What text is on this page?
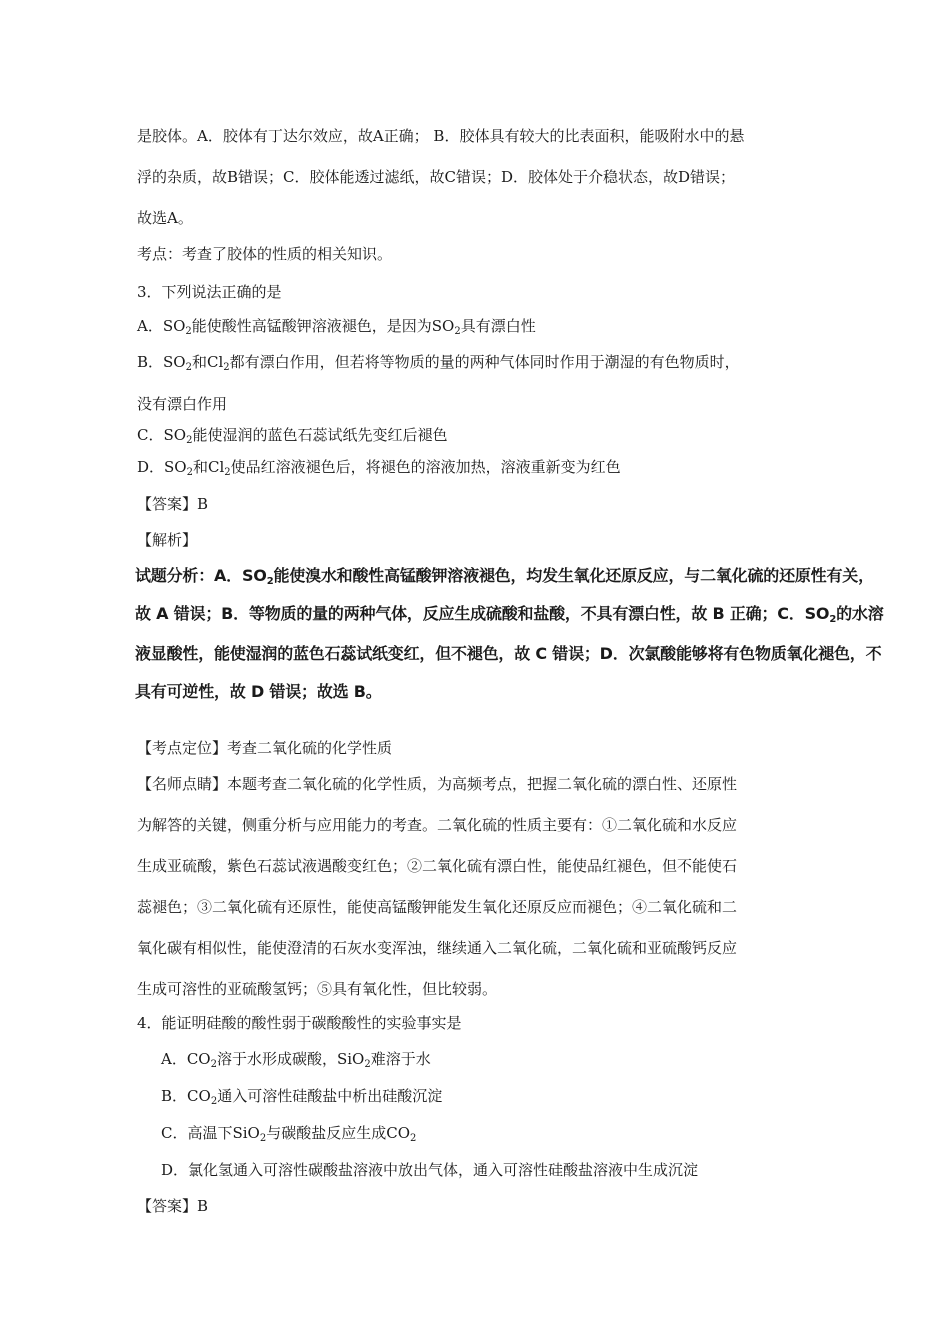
是胶体。A．胶体有丁达尔效应，故A正确； B．胶体具有较大的比表面积，能吸附水中的悬
浮的杂质，故B错误；C．胶体能透过滤纸，故C错误；D．胶体处于介稳状态，故D错误；
故选A。
考点：考查了胶体的性质的相关知识。
3．下列说法正确的是
A．$SO_2$能使酸性高锰酸钾溶液褪色，是因为$SO_2$具有漂白性
B．$SO_2$和$Cl_2$都有漂白作用，但若将等物质的量的两种气体同时作用于潮湿的有色物质时，
没有漂白作用
C．$SO_2$能使湿润的蓝色石蕊试纸先变红后褪色
D．$SO_2$和$Cl_2$使品红溶液褪色后，将褪色的溶液加热，溶液重新变为红色
【答案】B
【解析】
试题分析：A．SO2能使溴水和酸性高锰酸钾溶液褪色，均发生氧化还原反应，与二氧化硫的还原性有关，
故 A 错误；B．等物质的量的两种气体，反应生成硫酸和盐酸，不具有漂白性，故 B 正确；C．SO2的水溶
液显酸性，能使湿润的蓝色石蕊试纸变红，但不褪色，故 C 错误；D．次氯酸能够将有色物质氧化褪色，不
具有可逆性，故 D 错误；故选 B。
【考点定位】考查二氧化硫的化学性质
【名师点睛】本题考查二氧化硫的化学性质，为高频考点，把握二氧化硫的漂白性、还原性
为解答的关键，侧重分析与应用能力的考查。二氧化硫的性质主要有：①二氧化硫和水反应
生成亚硫酸，紫色石蕊试液遇酸变红色；②二氧化硫有漂白性，能使品红褪色，但不能使石
蕊褪色；③二氧化硫有还原性，能使高锰酸钾能发生氧化还原反应而褪色；④二氧化硫和二
氧化碳有相似性，能使澄清的石灰水变浑浊，继续通入二氧化硫，二氧化硫和亚硫酸钙反应
生成可溶性的亚硫酸氢钙；⑤具有氧化性，但比较弱。
4．能证明硅酸的酸性弱于碳酸酸性的实验事实是
A．$CO_2$溶于水形成碳酸，SiO$_2$难溶于水
B．$CO_2$通入可溶性硅酸盐中析出硅酸沉淀
C．高温下SiO$_2$与碳酸盐反应生成$CO_2$
D．氯化氢通入可溶性碳酸盐溶液中放出气体，通入可溶性硅酸盐溶液中生成沉淀
【答案】B
